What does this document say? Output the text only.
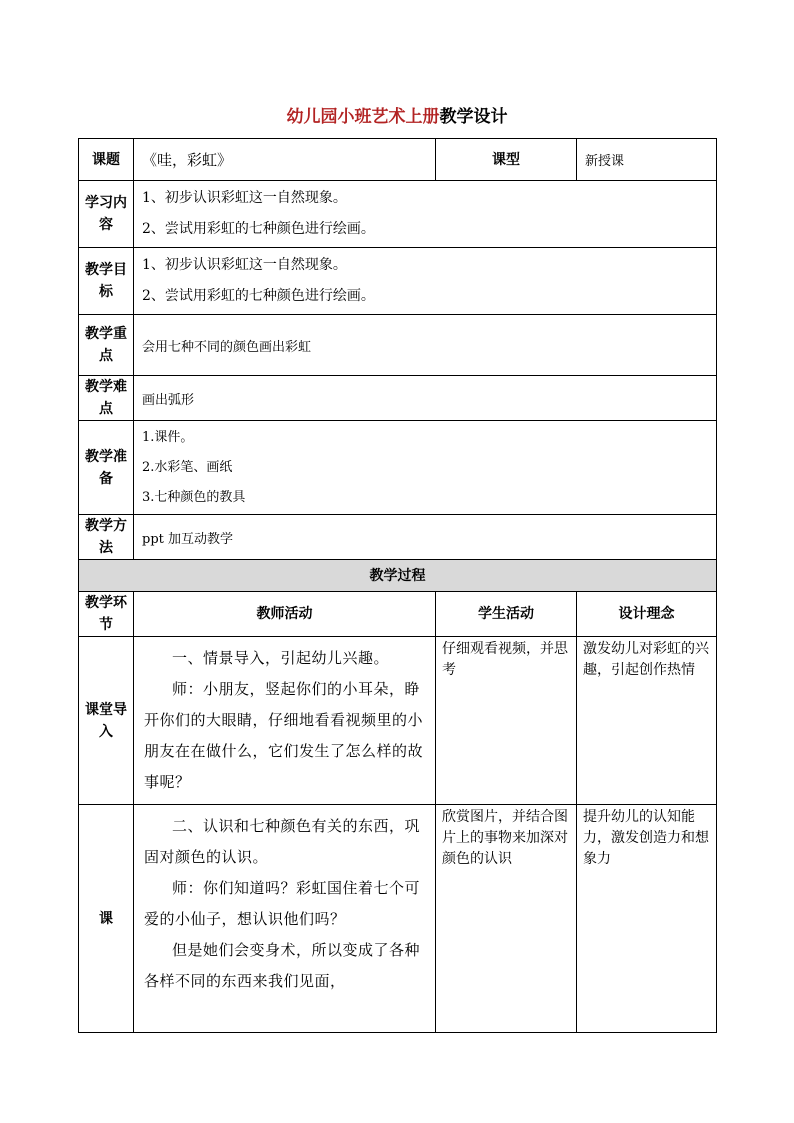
幼儿园小班艺术上册教学设计
课题	《哇，彩虹》	课型	新授课
学习内容	1、初步认识彩虹这一自然现象。
2、尝试用彩虹的七种颜色进行绘画。		

教学目标	1、初步认识彩虹这一自然现象。
2、尝试用彩虹的七种颜色进行绘画。		

教学重点	会用七种不同的颜色画出彩虹		
教学难点	画出弧形		
教学准备	1.课件。
2.水彩笔、画纸
3.七种颜色的教具		

教学方法	ppt 加互动教学		
教学过程			
教学环节	教师活动	学生活动	设计理念
课堂导入	一、情景导入，引起幼儿兴趣。
师：小朋友，竖起你们的小耳朵，睁开你们的大眼睛，仔细地看看视频里的小朋友在在做什么，它们发生了怎么样的故事呢？	仔细观看视频，并思考	激发幼儿对彩虹的兴趣，引起创作热情
课	二、认识和七种颜色有关的东西，巩固对颜色的认识。
师：你们知道吗？彩虹国住着七个可爱的小仙子，想认识他们吗？
但是她们会变身术，所以变成了各种各样不同的东西来我们见面，	欣赏图片，并结合图片上的事物来加深对颜色的认识	提升幼儿的认知能力，激发创造力和想象力
